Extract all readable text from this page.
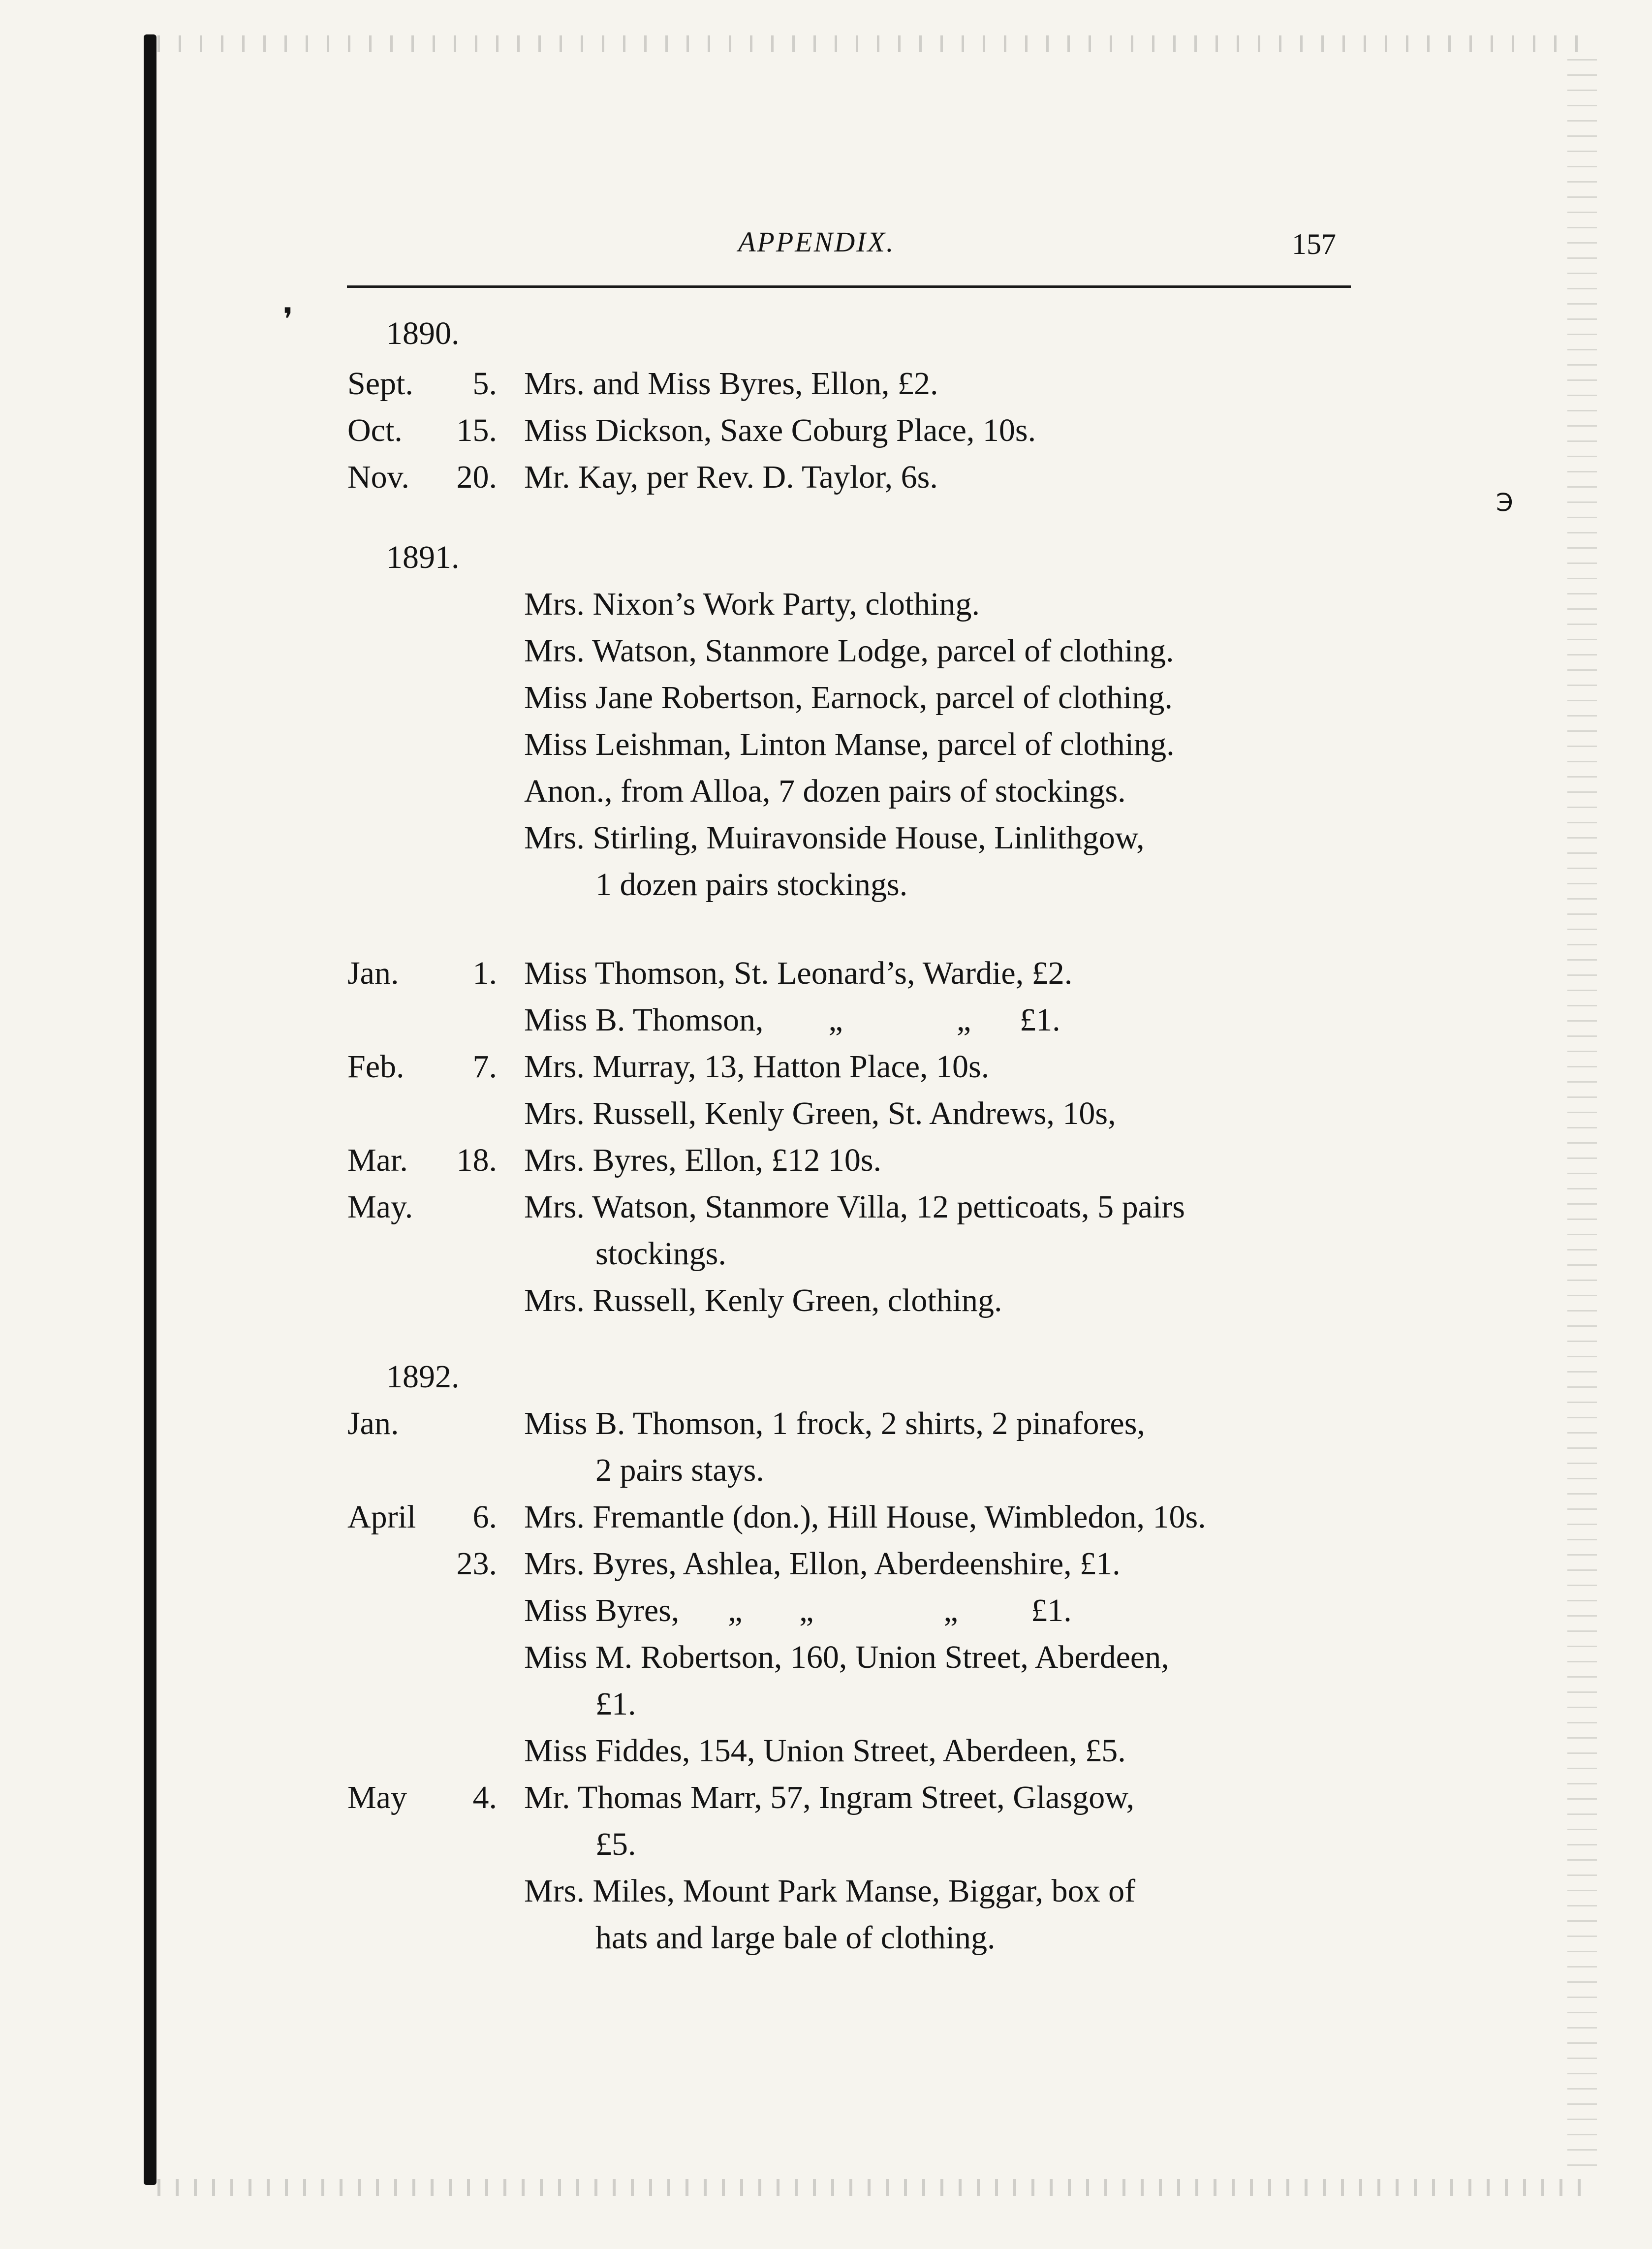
APPENDIX.	157
❜
℈
1890.
Sept.	5. Mrs. and Miss Byres, Ellon, £2.
Oct.	15. Miss Dickson, Saxe Coburg Place, 10s.
Nov.	20. Mr. Kay, per Rev. D. Taylor, 6s.
1891.
Mrs. Nixon’s Work Party, clothing.
Mrs. Watson, Stanmore Lodge, parcel of clothing.
Miss Jane Robertson, Earnock, parcel of clothing.
Miss Leishman, Linton Manse, parcel of clothing.
Anon., from Alloa, 7 dozen pairs of stockings.
Mrs. Stirling, Muiravonside House, Linlithgow,
1 dozen pairs stockings.
Jan.	1. Miss Thomson, St. Leonard’s, Wardie, £2.
Miss B. Thomson,        „              „      £1.
Feb.	7. Mrs. Murray, 13, Hatton Place, 10s.
Mrs. Russell, Kenly Green, St. Andrews, 10s,
Mar.	18. Mrs. Byres, Ellon, £12 10s.
May.	Mrs. Watson, Stanmore Villa, 12 petticoats, 5 pairs
stockings.
Mrs. Russell, Kenly Green, clothing.
1892.
Jan.	Miss B. Thomson, 1 frock, 2 shirts, 2 pinafores,
2 pairs stays.
April	6. Mrs. Fremantle (don.), Hill House, Wimbledon, 10s.
23. Mrs. Byres, Ashlea, Ellon, Aberdeenshire, £1.
Miss Byres,      „       „                „         £1.
Miss M. Robertson, 160, Union Street, Aberdeen,
£1.
Miss Fiddes, 154, Union Street, Aberdeen, £5.
May	4. Mr. Thomas Marr, 57, Ingram Street, Glasgow,
£5.
Mrs. Miles, Mount Park Manse, Biggar, box of
hats and large bale of clothing.
